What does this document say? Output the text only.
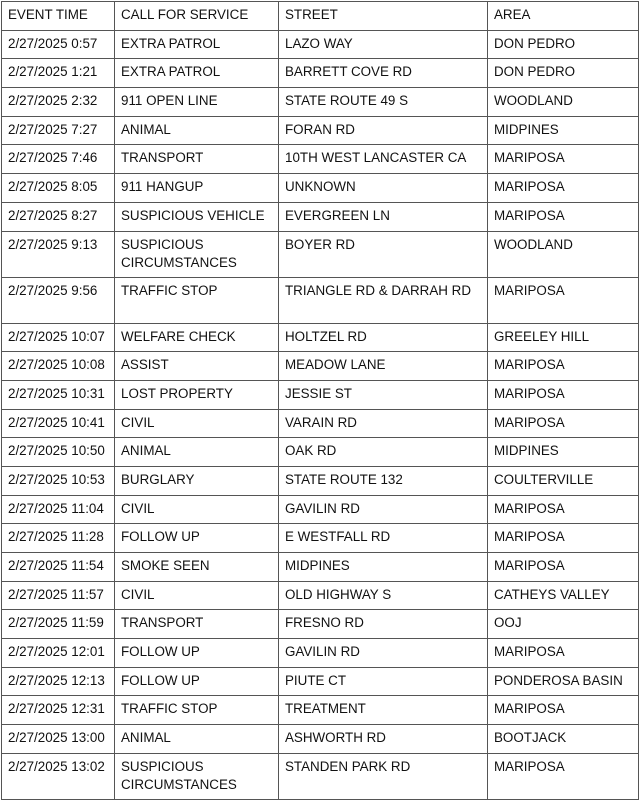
EVENT TIME	CALL FOR SERVICE	STREET	AREA
2/27/2025 0:57	EXTRA PATROL	LAZO WAY	DON PEDRO
2/27/2025 1:21	EXTRA PATROL	BARRETT COVE RD	DON PEDRO
2/27/2025 2:32	911 OPEN LINE	STATE ROUTE 49 S	WOODLAND
2/27/2025 7:27	ANIMAL	FORAN RD	MIDPINES
2/27/2025 7:46	TRANSPORT	10TH WEST LANCASTER CA	MARIPOSA
2/27/2025 8:05	911 HANGUP	UNKNOWN	MARIPOSA
2/27/2025 8:27	SUSPICIOUS VEHICLE	EVERGREEN LN	MARIPOSA
2/27/2025 9:13	SUSPICIOUS CIRCUMSTANCES	BOYER RD	WOODLAND
2/27/2025 9:56	TRAFFIC STOP	TRIANGLE RD & DARRAH RD	MARIPOSA
2/27/2025 10:07	WELFARE CHECK	HOLTZEL RD	GREELEY HILL
2/27/2025 10:08	ASSIST	MEADOW LANE	MARIPOSA
2/27/2025 10:31	LOST PROPERTY	JESSIE ST	MARIPOSA
2/27/2025 10:41	CIVIL	VARAIN RD	MARIPOSA
2/27/2025 10:50	ANIMAL	OAK RD	MIDPINES
2/27/2025 10:53	BURGLARY	STATE ROUTE 132	COULTERVILLE
2/27/2025 11:04	CIVIL	GAVILIN RD	MARIPOSA
2/27/2025 11:28	FOLLOW UP	E WESTFALL RD	MARIPOSA
2/27/2025 11:54	SMOKE SEEN	MIDPINES	MARIPOSA
2/27/2025 11:57	CIVIL	OLD HIGHWAY S	CATHEYS VALLEY
2/27/2025 11:59	TRANSPORT	FRESNO RD	OOJ
2/27/2025 12:01	FOLLOW UP	GAVILIN RD	MARIPOSA
2/27/2025 12:13	FOLLOW UP	PIUTE CT	PONDEROSA BASIN
2/27/2025 12:31	TRAFFIC STOP	TREATMENT	MARIPOSA
2/27/2025 13:00	ANIMAL	ASHWORTH RD	BOOTJACK
2/27/2025 13:02	SUSPICIOUS CIRCUMSTANCES	STANDEN PARK RD	MARIPOSA
